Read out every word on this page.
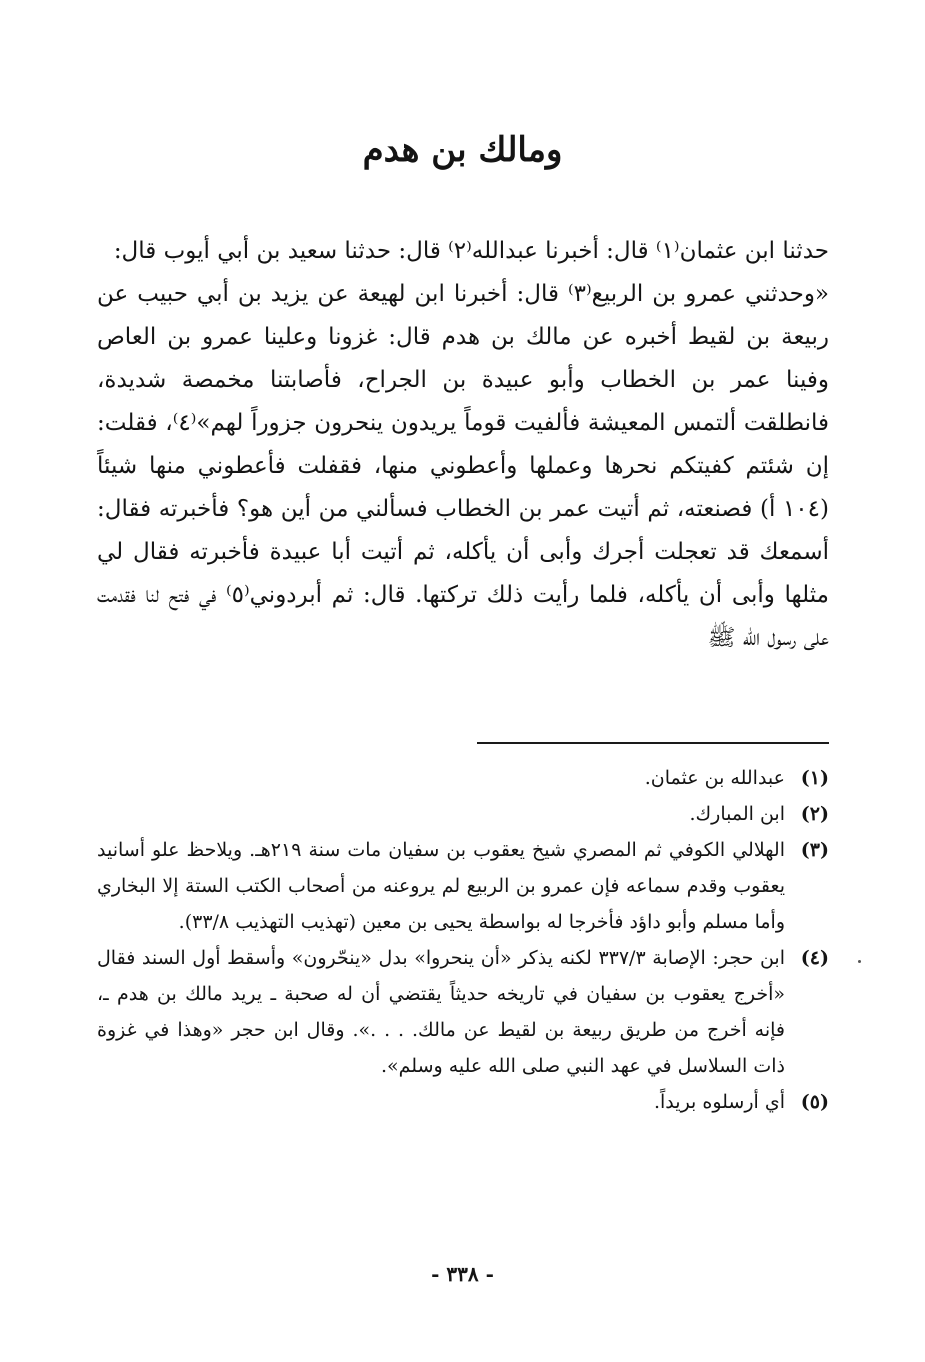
ومالك بن هدم

حدثنا ابن عثمان⁽١⁾ قال: أخبرنا عبدالله⁽٢⁾ قال: حدثنا سعيد بن أبي أيوب قال:

«وحدثني عمرو بن الربيع⁽٣⁾ قال: أخبرنا ابن لهيعة عن يزيد بن أبي حبيب عن ربيعة بن لقيط أخبره عن مالك بن هدم قال: غزونا وعلينا عمرو بن العاص وفينا عمر بن الخطاب وأبو عبيدة بن الجراح، فأصابتنا مخمصة شديدة، فانطلقت ألتمس المعيشة فألفيت قوماً يريدون ينحرون جزوراً لهم»⁽٤⁾، فقلت: إن شئتم كفيتكم نحرها وعملها وأعطوني منها، فقفلت فأعطوني منها شيئاً (١٠٤ أ) فصنعته، ثم أتيت عمر بن الخطاب فسألني من أين هو؟ فأخبرته فقال: أسمعك قد تعجلت أجرك وأبى أن يأكله، ثم أتيت أبا عبيدة فأخبرته فقال لي مثلها وأبى أن يأكله، فلما رأيت ذلك تركتها. قال: ثم أبردوني⁽٥⁾ في فتح لنا فقدمت على رسول الله ﷺ

(١)
عبدالله بن عثمان.
(٢)
ابن المبارك.
(٣)
الهلالي الكوفي ثم المصري شيخ يعقوب بن سفيان مات سنة ٢١٩هـ. ويلاحظ علو أسانيد يعقوب وقدم سماعه فإن عمرو بن الربيع لم يروعنه من أصحاب الكتب الستة إلا البخاري وأما مسلم وأبو داؤد فأخرجا له بواسطة يحيى بن معين (تهذيب التهذيب ٣٣/٨).
(٤)
ابن حجر: الإصابة ٣٣٧/٣ لكنه يذكر «أن ينحروا» بدل «ينحّرون» وأسقط أول السند فقال «أخرج يعقوب بن سفيان في تاريخه حديثاً يقتضي أن له صحبة ـ يريد مالك بن هدم ـ، فإنه أخرج من طريق ربيعة بن لقيط عن مالك. . . .». وقال ابن حجر «وهذا في غزوة ذات السلاسل في عهد النبي صلى الله عليه وسلم».
(٥)
أي أرسلوه بريداً.
- ٣٣٨ -
